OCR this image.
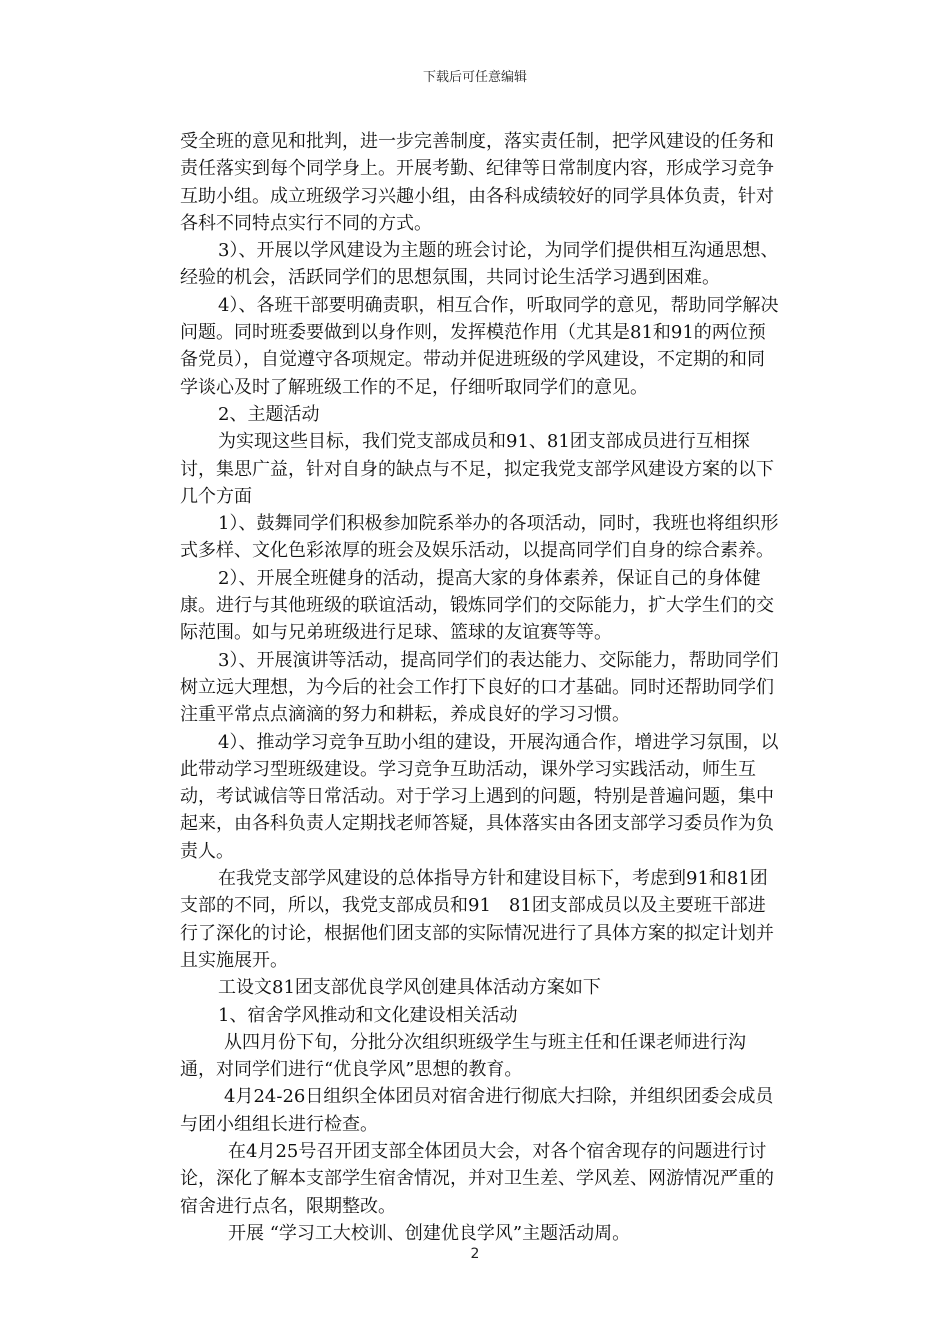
下载后可任意编辑

受全班的意见和批判，进一步完善制度，落实责任制，把学风建设的任务和责任落实到每个同学身上。开展考勤、纪律等日常制度内容，形成学习竞争互助小组。成立班级学习兴趣小组，由各科成绩较好的同学具体负责，针对各科不同特点实行不同的方式。

3）、开展以学风建设为主题的班会讨论，为同学们提供相互沟通思想、经验的机会，活跃同学们的思想氛围，共同讨论生活学习遇到困难。

4）、各班干部要明确责职，相互合作，听取同学的意见，帮助同学解决问题。同时班委要做到以身作则，发挥模范作用（尤其是81和91的两位预备党员），自觉遵守各项规定。带动并促进班级的学风建设，不定期的和同学谈心及时了解班级工作的不足，仔细听取同学们的意见。

2、主题活动

为实现这些目标，我们党支部成员和91、81团支部成员进行互相探讨，集思广益，针对自身的缺点与不足，拟定我党支部学风建设方案的以下几个方面

1）、鼓舞同学们积极参加院系举办的各项活动，同时，我班也将组织形式多样、文化色彩浓厚的班会及娱乐活动，以提高同学们自身的综合素养。

2）、开展全班健身的活动，提高大家的身体素养，保证自己的身体健康。进行与其他班级的联谊活动，锻炼同学们的交际能力，扩大学生们的交际范围。如与兄弟班级进行足球、篮球的友谊赛等等。

3）、开展演讲等活动，提高同学们的表达能力、交际能力，帮助同学们树立远大理想，为今后的社会工作打下良好的口才基础。同时还帮助同学们注重平常点点滴滴的努力和耕耘，养成良好的学习习惯。

4）、推动学习竞争互助小组的建设，开展沟通合作，增进学习氛围，以此带动学习型班级建设。学习竞争互助活动，课外学习实践活动，师生互动，考试诚信等日常活动。对于学习上遇到的问题，特别是普遍问题，集中起来，由各科负责人定期找老师答疑，具体落实由各团支部学习委员作为负责人。

在我党支部学风建设的总体指导方针和建设目标下，考虑到91和81团支部的不同，所以，我党支部成员和91　81团支部成员以及主要班干部进行了深化的讨论，根据他们团支部的实际情况进行了具体方案的拟定计划并且实施展开。

工设文81团支部优良学风创建具体活动方案如下

1、宿舍学风推动和文化建设相关活动

从四月份下旬，分批分次组织班级学生与班主任和任课老师进行沟通，对同学们进行“优良学风”思想的教育。

4月24-26日组织全体团员对宿舍进行彻底大扫除，并组织团委会成员与团小组组长进行检查。

在4月25号召开团支部全体团员大会，对各个宿舍现存的问题进行讨论，深化了解本支部学生宿舍情况，并对卫生差、学风差、网游情况严重的宿舍进行点名，限期整改。

开展 “学习工大校训、创建优良学风”主题活动周。

2
